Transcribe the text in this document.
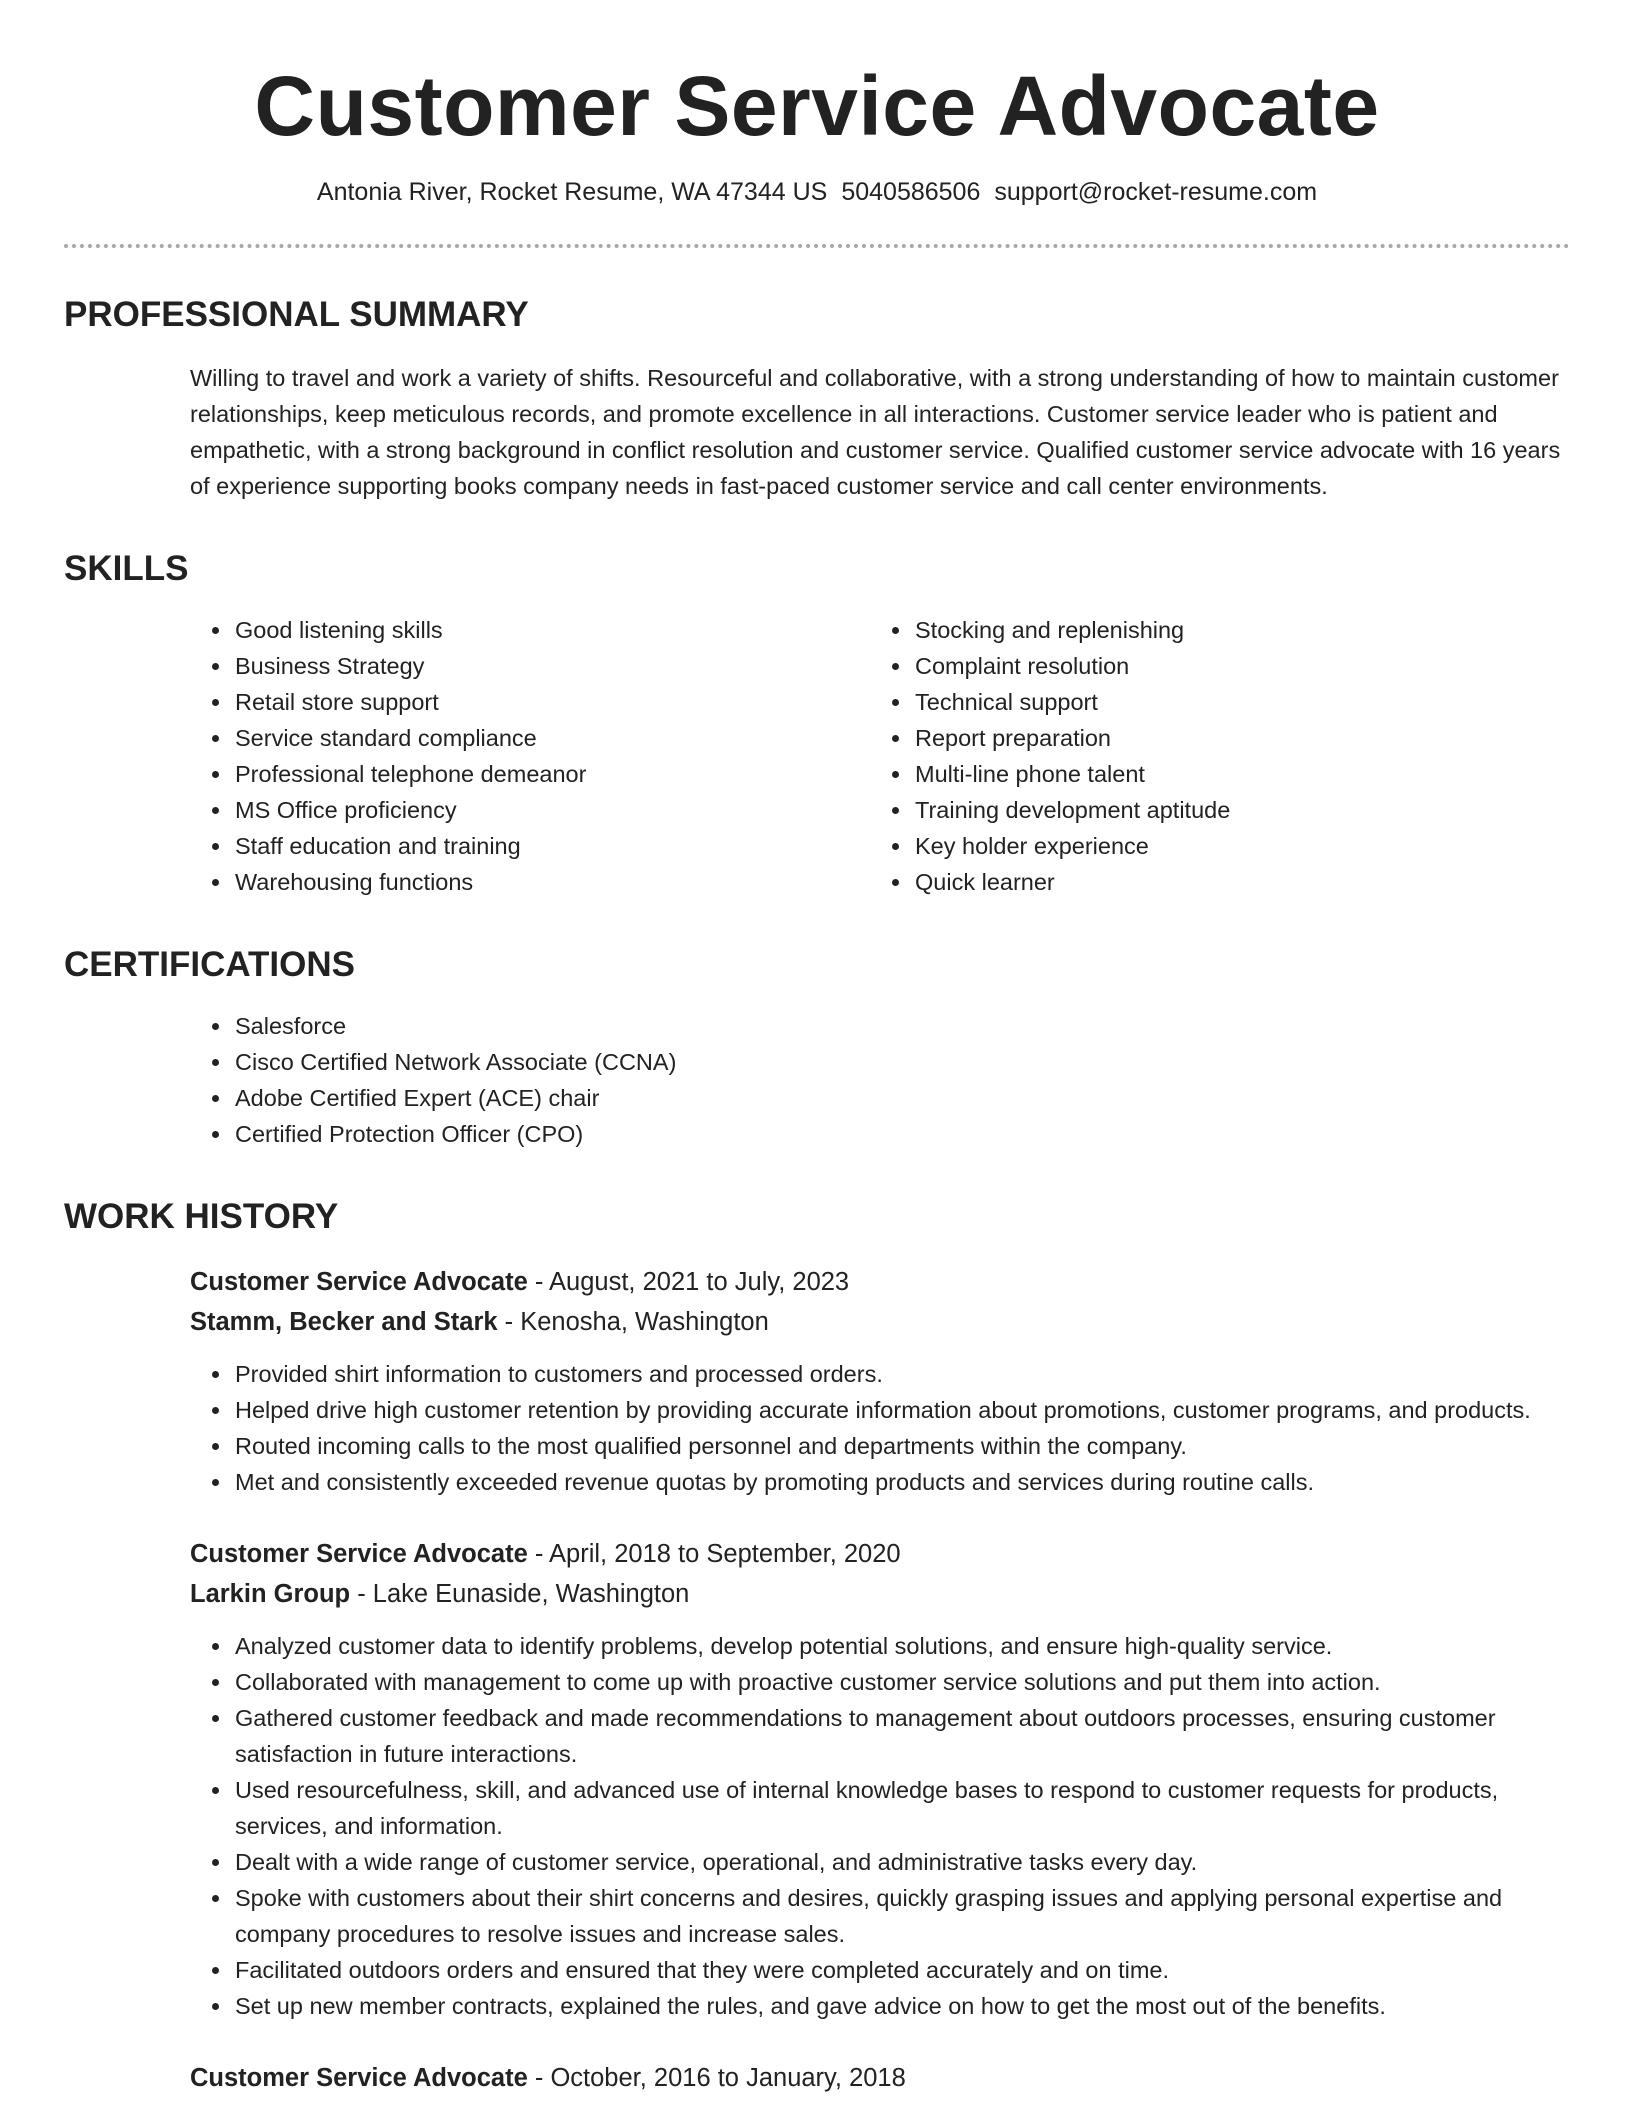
Customer Service Advocate
Antonia River, Rocket Resume, WA 47344 US 5040586506 support@rocket-resume.com
PROFESSIONAL SUMMARY
Willing to travel and work a variety of shifts. Resourceful and collaborative, with a strong understanding of how to maintain customer relationships, keep meticulous records, and promote excellence in all interactions. Customer service leader who is patient and empathetic, with a strong background in conflict resolution and customer service. Qualified customer service advocate with 16 years of experience supporting books company needs in fast-paced customer service and call center environments.
SKILLS
• Good listening skills
• Business Strategy
• Retail store support
• Service standard compliance
• Professional telephone demeanor
• MS Office proficiency
• Staff education and training
• Warehousing functions
• Stocking and replenishing
• Complaint resolution
• Technical support
• Report preparation
• Multi-line phone talent
• Training development aptitude
• Key holder experience
• Quick learner
CERTIFICATIONS
• Salesforce
• Cisco Certified Network Associate (CCNA)
• Adobe Certified Expert (ACE) chair
• Certified Protection Officer (CPO)
WORK HISTORY
Customer Service Advocate - August, 2021 to July, 2023
Stamm, Becker and Stark - Kenosha, Washington
• Provided shirt information to customers and processed orders.
• Helped drive high customer retention by providing accurate information about promotions, customer programs, and products.
• Routed incoming calls to the most qualified personnel and departments within the company.
• Met and consistently exceeded revenue quotas by promoting products and services during routine calls.
Customer Service Advocate - April, 2018 to September, 2020
Larkin Group - Lake Eunaside, Washington
• Analyzed customer data to identify problems, develop potential solutions, and ensure high-quality service.
• Collaborated with management to come up with proactive customer service solutions and put them into action.
• Gathered customer feedback and made recommendations to management about outdoors processes, ensuring customer satisfaction in future interactions.
• Used resourcefulness, skill, and advanced use of internal knowledge bases to respond to customer requests for products, services, and information.
• Dealt with a wide range of customer service, operational, and administrative tasks every day.
• Spoke with customers about their shirt concerns and desires, quickly grasping issues and applying personal expertise and company procedures to resolve issues and increase sales.
• Facilitated outdoors orders and ensured that they were completed accurately and on time.
• Set up new member contracts, explained the rules, and gave advice on how to get the most out of the benefits.
Customer Service Advocate - October, 2016 to January, 2018
